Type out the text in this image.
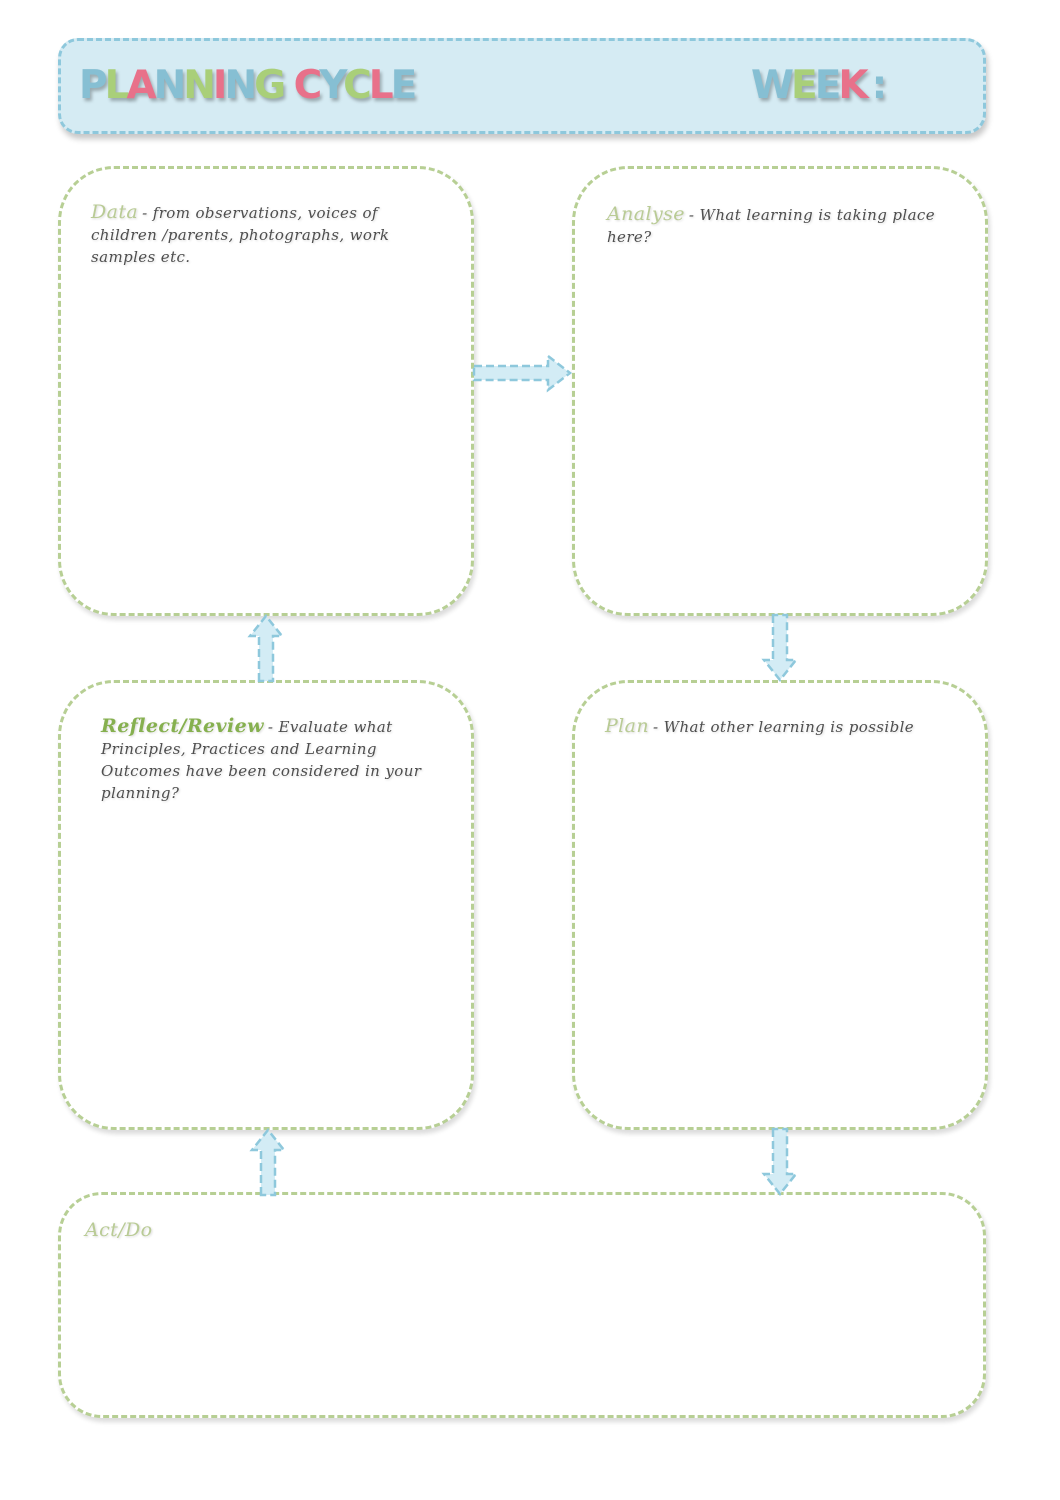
PLANNING CYCLE	WEEK :

Data - from observations, voices of children /parents, photographs, work samples etc.

Analyse - What learning is taking place here?

Reflect/Review - Evaluate what Principles, Practices and Learning Outcomes have been considered in your planning?

Plan - What other learning is possible

Act/Do
